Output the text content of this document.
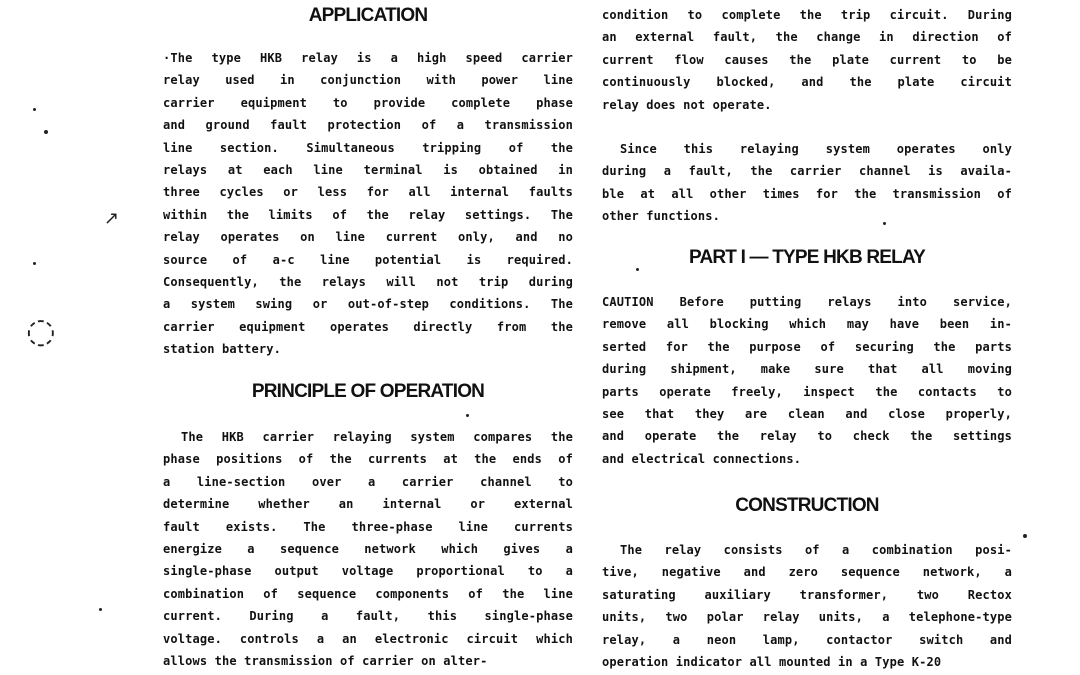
APPLICATION
·The type HKB relay is a high speed carrier
relay used in conjunction with power line
carrier equipment to provide complete phase
and ground fault protection of a transmission
line section. Simultaneous tripping of the
relays at each line terminal is obtained in
three cycles or less for all internal faults
within the limits of the relay settings. The
relay operates on line current only, and no
source of a-c line potential is required.
Consequently, the relays will not trip during
a system swing or out-of-step conditions. The
carrier equipment operates directly from the
station battery.
PRINCIPLE OF OPERATION
The HKB carrier relaying system compares the
phase positions of the currents at the ends of
a line-section over a carrier channel to
determine whether an internal or external
fault exists. The three-phase line currents
energize a sequence network which gives a
single-phase output voltage proportional to a
combination of sequence components of the line
current. During a fault, this single-phase
voltage. controls a an electronic circuit which
allows the transmission of carrier on alter-
condition to complete the trip circuit. During
an external fault, the change in direction of
current flow causes the plate current to be
continuously blocked, and the plate circuit
relay does not operate.
Since this relaying system operates only
during a fault, the carrier channel is availa-
ble at all other times for the transmission of
other functions.
PART I — TYPE HKB RELAY
CAUTION Before putting relays into service,
remove all blocking which may have been in-
serted for the purpose of securing the parts
during shipment, make sure that all moving
parts operate freely, inspect the contacts to
see that they are clean and close properly,
and operate the relay to check the settings
and electrical connections.
CONSTRUCTION
The relay consists of a combination posi-
tive, negative and zero sequence network, a
saturating auxiliary transformer, two Rectox
units, two polar relay units, a telephone-type
relay, a neon lamp, contactor switch and
operation indicator all mounted in a Type K-20
◌
↗
